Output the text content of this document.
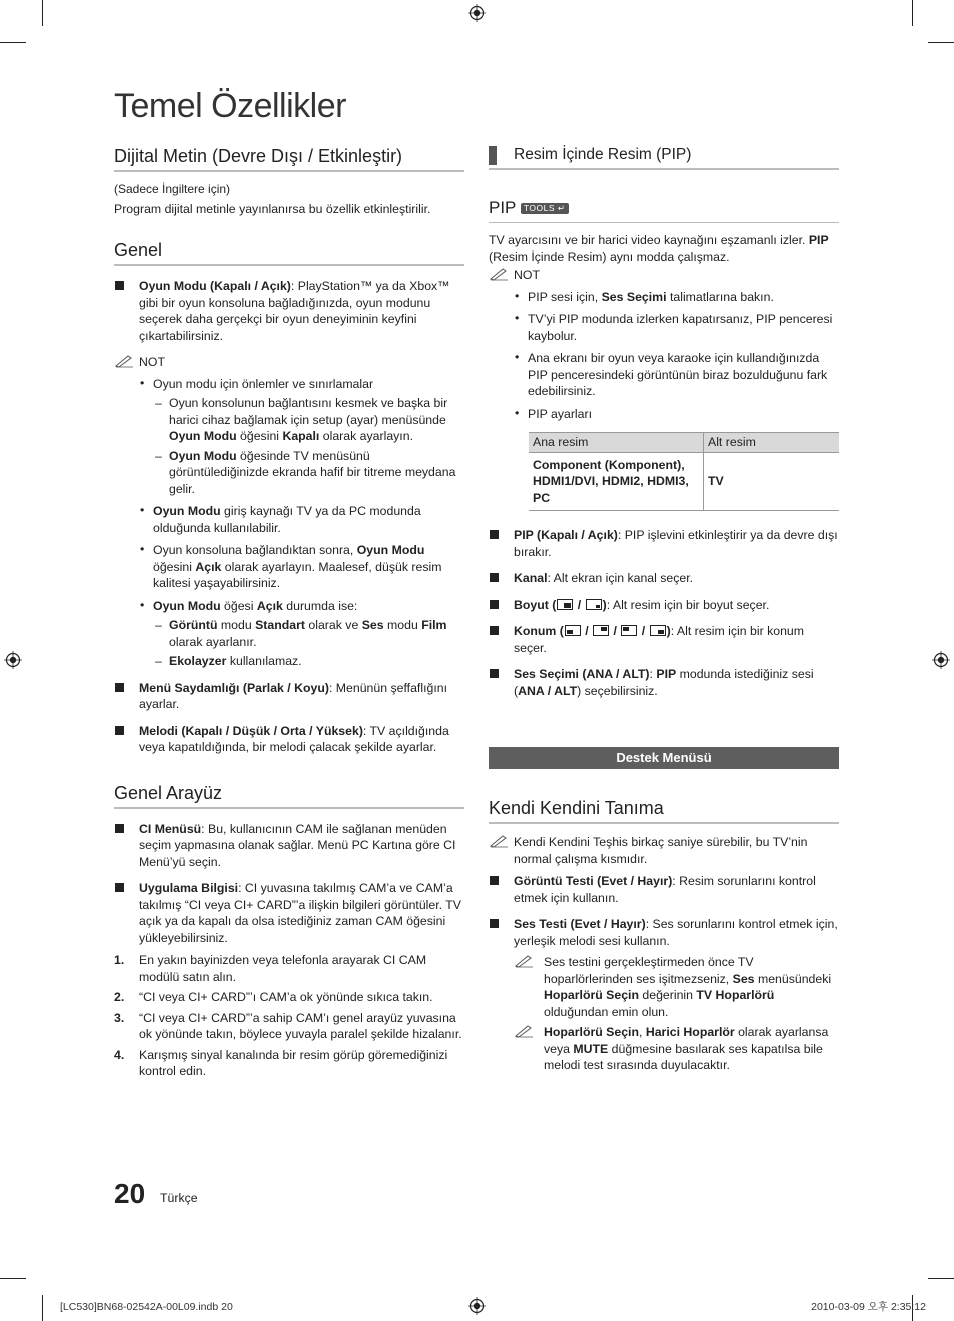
Temel Özellikler
Dijital Metin (Devre Dışı / Etkinleştir)

(Sadece İngiltere için)

Program dijital metinle yayınlanırsa bu özellik etkinleştirilir.

Genel
Oyun Modu (Kapalı / Açık): PlayStation™ ya da Xbox™ gibi bir oyun konsoluna bağladığınızda, oyun modunu seçerek daha gerçekçi bir oyun deneyiminin keyfini çıkartabilirsiniz.
NOT
• Oyun modu için önlemler ve sınırlamalar
– Oyun konsolunun bağlantısını kesmek ve başka bir harici cihaz bağlamak için setup (ayar) menüsünde Oyun Modu öğesini Kapalı olarak ayarlayın.
– Oyun Modu öğesinde TV menüsünü görüntülediğinizde ekranda hafif bir titreme meydana gelir.
• Oyun Modu giriş kaynağı TV ya da PC modunda olduğunda kullanılabilir.
• Oyun konsoluna bağlandıktan sonra, Oyun Modu öğesini Açık olarak ayarlayın. Maalesef, düşük resim kalitesi yaşayabilirsiniz.
• Oyun Modu öğesi Açık durumda ise:
– Görüntü modu Standart olarak ve Ses modu Film olarak ayarlanır.
– Ekolayzer kullanılamaz.
Menü Saydamlığı (Parlak / Koyu): Menünün şeffaflığını ayarlar.
Melodi (Kapalı / Düşük / Orta / Yüksek): TV açıldığında veya kapatıldığında, bir melodi çalacak şekilde ayarlar.
Genel Arayüz
CI Menüsü: Bu, kullanıcının CAM ile sağlanan menüden seçim yapmasına olanak sağlar. Menü PC Kartına göre CI Menü’yü seçin.
Uygulama Bilgisi: CI yuvasına takılmış CAM’a ve CAM’a takılmış “CI veya CI+ CARD”’a ilişkin bilgileri görüntüler. TV açık ya da kapalı da olsa istediğiniz zaman CAM öğesini yükleyebilirsiniz.
1. En yakın bayinizden veya telefonla arayarak CI CAM modülü satın alın.
2. “CI veya CI+ CARD”’ı CAM’a ok yönünde sıkıca takın.
3. “CI veya CI+ CARD”’a sahip CAM’ı genel arayüz yuvasına ok yönünde takın, böylece yuvayla paralel şekilde hizalanır.
4. Karışmış sinyal kanalında bir resim görüp göremediğinizi kontrol edin.
Resim İçinde Resim (PIP)
PIP TOOLS ↵

TV ayarcısını ve bir harici video kaynağını eşzamanlı izler. PIP (Resim İçinde Resim) aynı modda çalışmaz.

NOT
• PIP sesi için, Ses Seçimi talimatlarına bakın.
• TV’yi PIP modunda izlerken kapatırsanız, PIP penceresi kaybolur.
• Ana ekranı bir oyun veya karaoke için kullandığınızda PIP penceresindeki görüntünün biraz bozulduğunu fark edebilirsiniz.
• PIP ayarları
Ana resim	Alt resim
Component (Komponent), HDMI1/DVI, HDMI2, HDMI3, PC	TV
PIP (Kapalı / Açık): PIP işlevini etkinleştirir ya da devre dışı bırakır.
Kanal: Alt ekran için kanal seçer.
Boyut (
/
): Alt resim için bir boyut seçer.
Konum (
/
/
/
): Alt resim için bir konum seçer.
Ses Seçimi (ANA / ALT): PIP modunda istediğiniz sesi (ANA / ALT) seçebilirsiniz.
Destek Menüsü
Kendi Kendini Tanıma
Kendi Kendini Teşhis birkaç saniye sürebilir, bu TV’nin normal çalışma kısmıdır.
Görüntü Testi (Evet / Hayır): Resim sorunlarını kontrol etmek için kullanın.
Ses Testi (Evet / Hayır): Ses sorunlarını kontrol etmek için, yerleşik melodi sesi kullanın.
Ses testini gerçekleştirmeden önce TV hoparlörlerinden ses işitmezseniz, Ses menüsündeki Hoparlörü Seçin değerinin TV Hoparlörü olduğundan emin olun.
Hoparlörü Seçin, Harici Hoparlör olarak ayarlansa veya MUTE düğmesine basılarak ses kapatılsa bile melodi test sırasında duyulacaktır.
20 Türkçe
[LC530]BN68-02542A-00L09.indb 20	2010-03-09 오후 2:35:12
